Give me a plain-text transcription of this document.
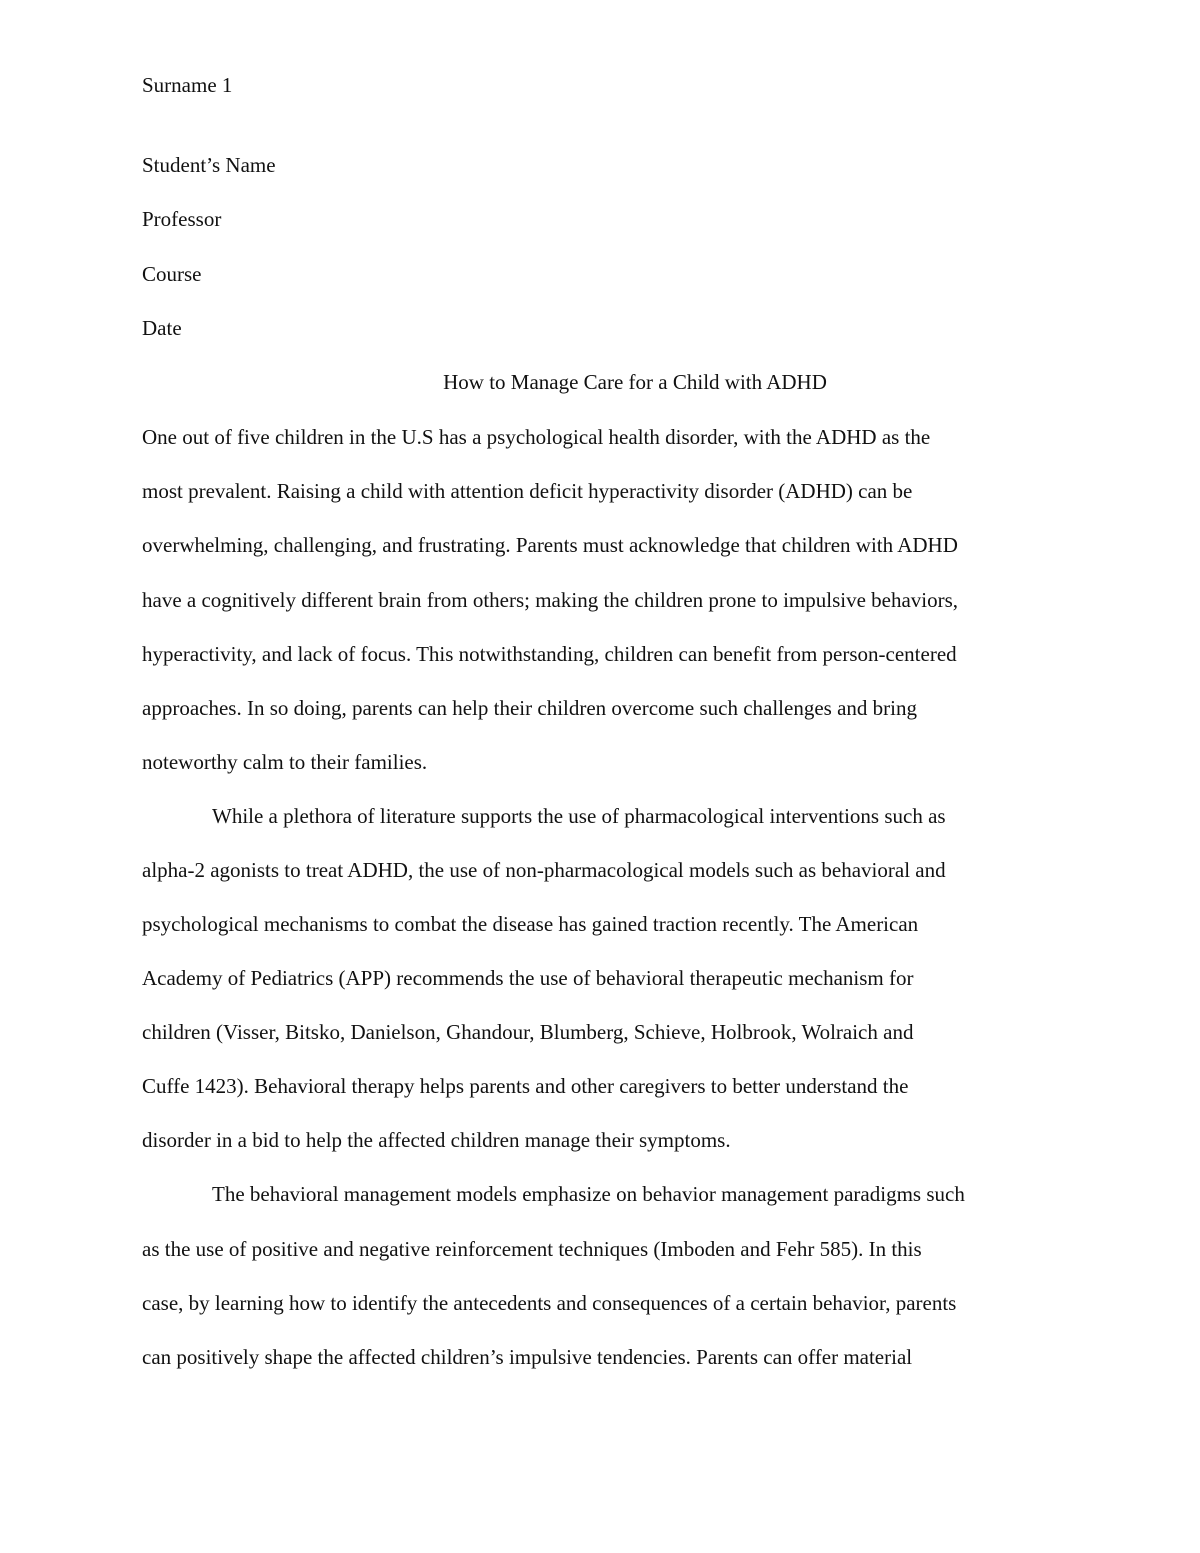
Surname 1

Student’s Name

Professor

Course

Date

How to Manage Care for a Child with ADHD

One out of five children in the U.S has a psychological health disorder, with the ADHD as the

most prevalent. Raising a child with attention deficit hyperactivity disorder (ADHD) can be

overwhelming, challenging, and frustrating. Parents must acknowledge that children with ADHD

have a cognitively different brain from others; making the children prone to impulsive behaviors,

hyperactivity, and lack of focus. This notwithstanding, children can benefit from person-centered

approaches. In so doing, parents can help their children overcome such challenges and bring

noteworthy calm to their families.

While a plethora of literature supports the use of pharmacological interventions such as

alpha-2 agonists to treat ADHD, the use of non-pharmacological models such as behavioral and

psychological mechanisms to combat the disease has gained traction recently. The American

Academy of Pediatrics (APP) recommends the use of behavioral therapeutic mechanism for

children (Visser, Bitsko, Danielson, Ghandour, Blumberg, Schieve, Holbrook, Wolraich and

Cuffe 1423). Behavioral therapy helps parents and other caregivers to better understand the

disorder in a bid to help the affected children manage their symptoms.

The behavioral management models emphasize on behavior management paradigms such

as the use of positive and negative reinforcement techniques (Imboden and Fehr 585). In this

case, by learning how to identify the antecedents and consequences of a certain behavior, parents

can positively shape the affected children’s impulsive tendencies. Parents can offer material
